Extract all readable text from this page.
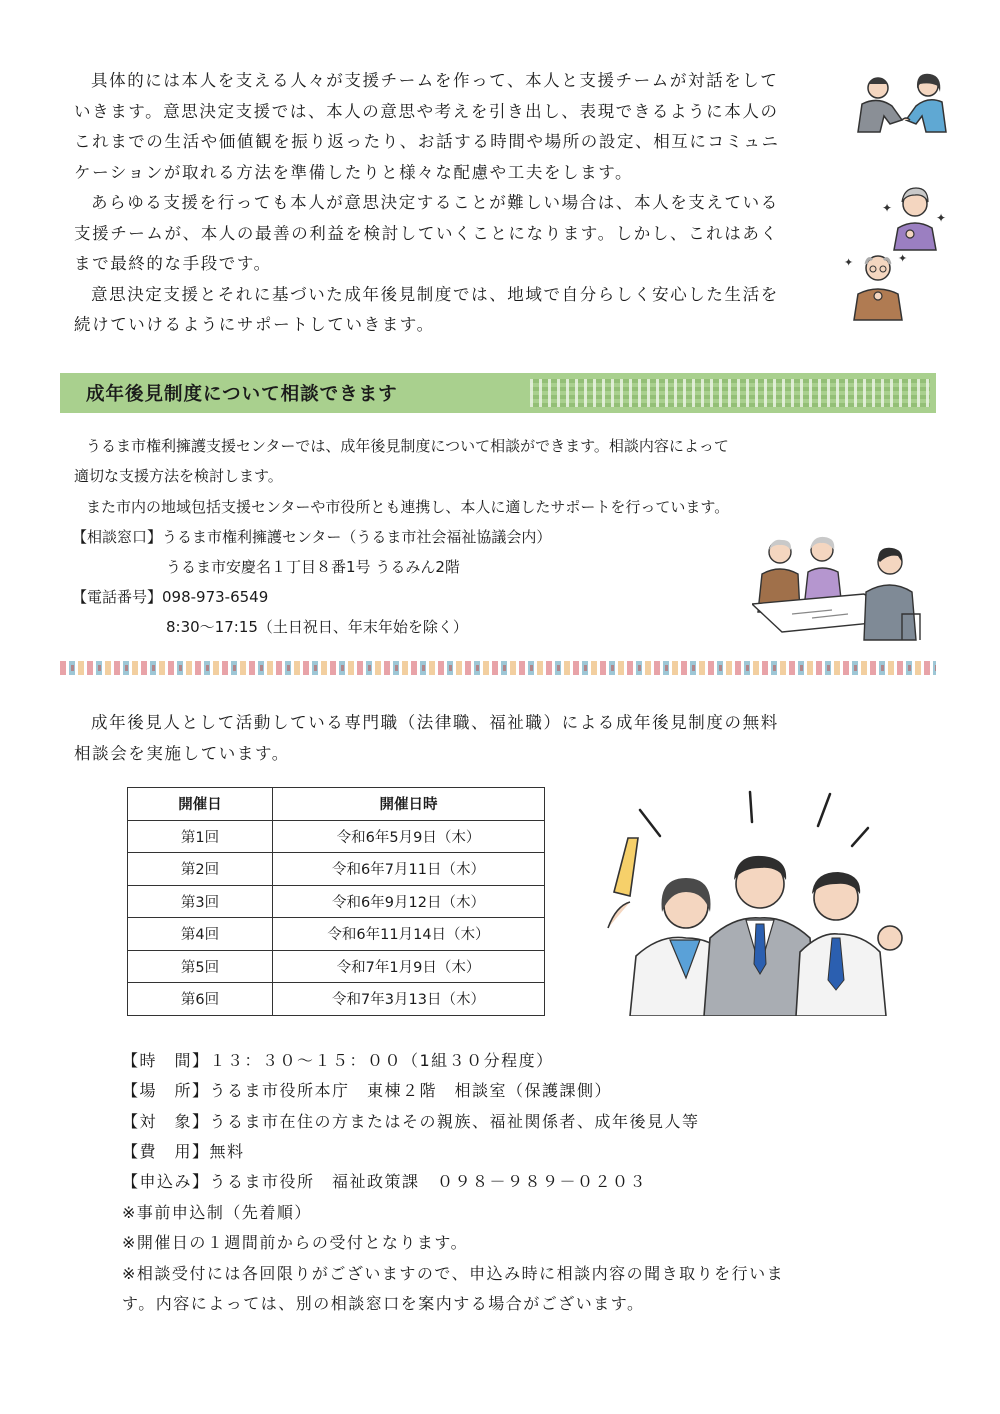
具体的には本人を支える人々が支援チームを作って、本人と支援チームが対話をして
いきます。意思決定支援では、本人の意思や考えを引き出し、表現できるように本人の
これまでの生活や価値観を振り返ったり、お話する時間や場所の設定、相互にコミュニ
ケーションが取れる方法を準備したりと様々な配慮や工夫をします。
あらゆる支援を行っても本人が意思決定することが難しい場合は、本人を支えている
支援チームが、本人の最善の利益を検討していくことになります。しかし、これはあく
まで最終的な手段です。
意思決定支援とそれに基づいた成年後見制度では、地域で自分らしく安心した生活を
続けていけるようにサポートしていきます。
✦
✦
✦	✦
成年後見制度について相談できます
うるま市権利擁護支援センターでは、成年後見制度について相談ができます。相談内容によって
適切な支援方法を検討します。
また市内の地域包括支援センターや市役所とも連携し、本人に適したサポートを行っています。
【相談窓口】うるま市権利擁護センター（うるま市社会福祉協議会内）
うるま市安慶名１丁目８番1号 うるみん2階
【電話番号】098-973-6549
8:30～17:15（土日祝日、年末年始を除く）
成年後見人として活動している専門職（法律職、福祉職）による成年後見制度の無料
相談会を実施しています。
開催日	開催日時
第1回	令和6年5月9日（木）
第2回	令和6年7月11日（木）
第3回	令和6年9月12日（木）
第4回	令和6年11月14日（木）
第5回	令和7年1月9日（木）
第6回	令和7年3月13日（木）
【時　間】１３：３０～１５：００（1組３０分程度）
【場　所】うるま市役所本庁　東棟２階　相談室（保護課側）
【対　象】うるま市在住の方またはその親族、福祉関係者、成年後見人等
【費　用】無料
【申込み】うるま市役所　福祉政策課　０９８－９８９－０２０３
※事前申込制（先着順）
※開催日の１週間前からの受付となります。
※相談受付には各回限りがございますので、申込み時に相談内容の聞き取りを行いま
す。内容によっては、別の相談窓口を案内する場合がございます。
